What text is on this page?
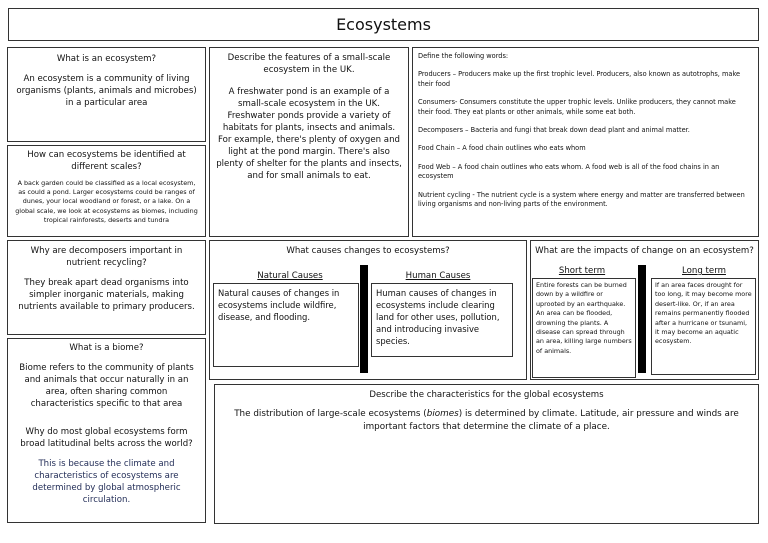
Ecosystems

What is an ecosystem?

An ecosystem is a community of living organisms (plants, animals and microbes) in a particular area

How can ecosystems be identified at different scales?

A back garden could be classified as a local ecosystem, as could a pond. Larger ecosystems could be ranges of dunes, your local woodland or forest, or a lake. On a global scale, we look at ecosystems as biomes, including tropical rainforests, deserts and tundra

Describe the features of a small-scale ecosystem in the UK.

A freshwater pond is an example of a small-scale ecosystem in the UK. Freshwater ponds provide a variety of habitats for plants, insects and animals. For example, there's plenty of oxygen and light at the pond margin. There's also plenty of shelter for the plants and insects, and for small animals to eat.

Define the following words:

Producers – Producers make up the first trophic level. Producers, also known as autotrophs, make their food

Consumers- Consumers constitute the upper trophic levels. Unlike producers, they cannot make their food. They eat plants or other animals, while some eat both.

Decomposers – Bacteria and fungi that break down dead plant and animal matter.

Food Chain – A food chain outlines who eats whom

Food Web – A food chain outlines who eats whom. A food web is all of the food chains in an ecosystem

Nutrient cycling - The nutrient cycle is a system where energy and matter are transferred between living organisms and non-living parts of the environment.

Why are decomposers important in nutrient recycling?

They break apart dead organisms into simpler inorganic materials, making nutrients available to primary producers.

What causes changes to ecosystems?

Natural Causes

Natural causes of changes in ecosystems include wildfire, disease, and flooding.

Human Causes

Human causes of changes in ecosystems include clearing land for other uses, pollution, and introducing invasive species.

What are the impacts of change on an ecosystem?

Short term

Entire forests can be burned down by a wildfire or uprooted by an earthquake. An area can be flooded, drowning the plants. A disease can spread through an area, killing large numbers of animals.

Long term

If an area faces drought for too long, it may become more desert-like. Or, if an area remains permanently flooded after a hurricane or tsunami, it may become an aquatic ecosystem.

What is a biome?

Biome refers to the community of plants and animals that occur naturally in an area, often sharing common characteristics specific to that area

Why do most global ecosystems form broad latitudinal belts across the world?

This is because the climate and characteristics of ecosystems are determined by global atmospheric circulation.

Describe the characteristics for the global ecosystems

The distribution of large-scale ecosystems (biomes) is determined by climate. Latitude, air pressure and winds are important factors that determine the climate of a place.
